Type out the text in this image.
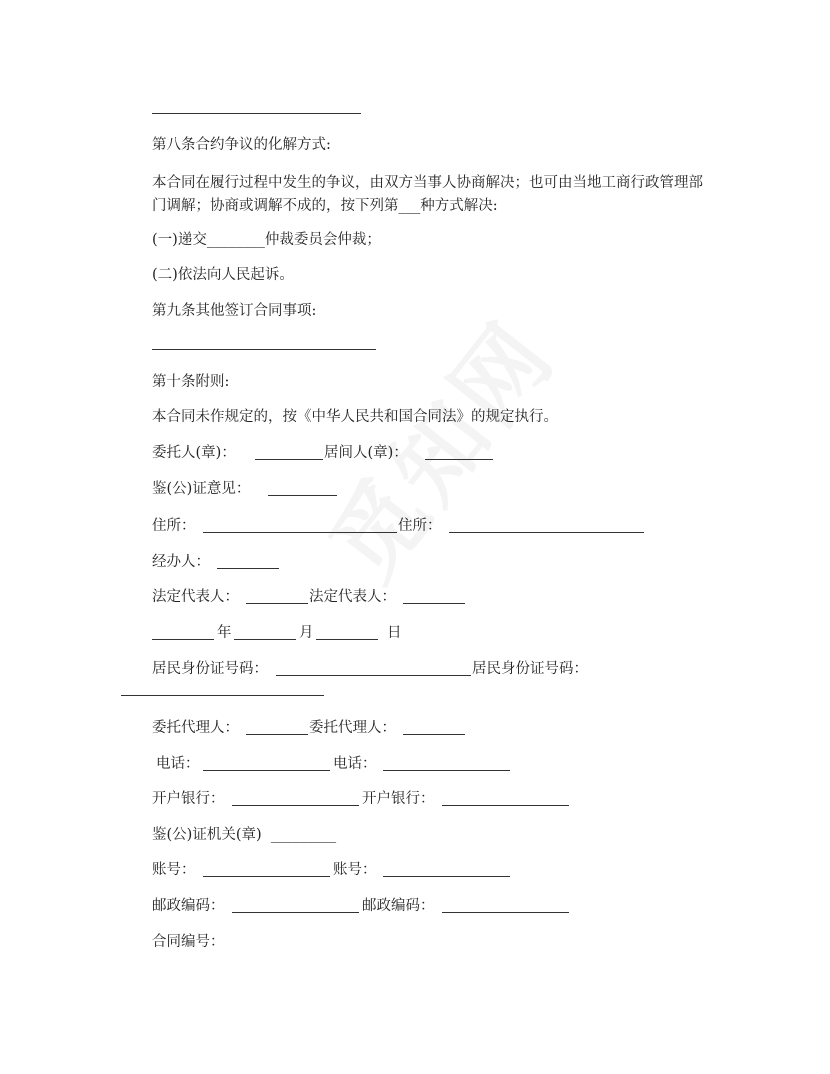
第八条合约争议的化解方式:
本合同在履行过程中发生的争议，由双方当事人协商解决；也可由当地工商行政管理部门调解；协商或调解不成的，按下列第___种方式解决:
(一)递交________仲裁委员会仲裁；
(二)依法向人民起诉。
第九条其他签订合同事项:
第十条附则:
本合同未作规定的，按《中华人民共和国合同法》的规定执行。
委托人(章)：	居间人(章)：
鉴(公)证意见：
住所：	住所：
经办人：
法定代表人：	法定代表人：
年	月	日
居民身份证号码：	居民身份证号码：
委托代理人：	委托代理人：
电话：	电话：
开户银行：	开户银行：
鉴(公)证机关(章)  _________
账号：	账号：
邮政编码：	邮政编码：
合同编号：
